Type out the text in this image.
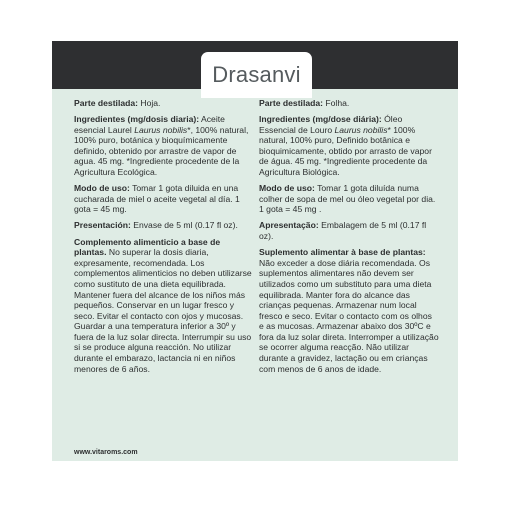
Drasanvi

Parte destilada: Hoja.

Ingredientes (mg/dosis diaria): Aceite esencial Laurel Laurus nobilis*, 100% natural, 100% puro, botánica y bioquímicamente definido, obtenido por arrastre de vapor de agua. 45 mg. *Ingrediente procedente de la Agricultura Ecológica.

Modo de uso: Tomar 1 gota diluida en una cucharada de miel o aceite vegetal al día. 1 gota = 45 mg.

Presentación: Envase de 5 ml (0.17 fl oz).

Complemento alimenticio a base de plantas. No superar la dosis diaria, expresamente, recomendada. Los complementos alimenticios no deben utilizarse como sustituto de una dieta equilibrada. Mantener fuera del alcance de los niños más pequeños. Conservar en un lugar fresco y seco. Evitar el contacto con ojos y mucosas. Guardar a una temperatura inferior a 30º y fuera de la luz solar directa. Interrumpir su uso si se produce alguna reacción. No utilizar durante el embarazo, lactancia ni en niños menores de 6 años.

Parte destilada: Folha.

Ingredientes (mg/dose diária): Óleo Essencial de Louro Laurus nobilis* 100% natural, 100% puro, Definido botânica e bioquimicamente, obtido por arrasto de vapor de água. 45 mg. *Ingrediente procedente da Agricultura Biológica.

Modo de uso: Tomar 1 gota diluída numa colher de sopa de mel ou óleo vegetal por dia. 1 gota = 45 mg .

Apresentação: Embalagem de 5 ml (0.17 fl oz).

Suplemento alimentar à base de plantas: Não exceder a dose diária recomendada. Os suplementos alimentares não devem ser utilizados como um substituto para uma dieta equilibrada. Manter fora do alcance das crianças pequenas. Armazenar num local fresco e seco. Evitar o contacto com os olhos e as mucosas. Armazenar abaixo dos 30ºC e fora da luz solar direta. Interromper a utilização se ocorrer alguma reacção. Não utilizar durante a gravidez, lactação ou em crianças com menos de 6 anos de idade.

www.vitaroms.com
